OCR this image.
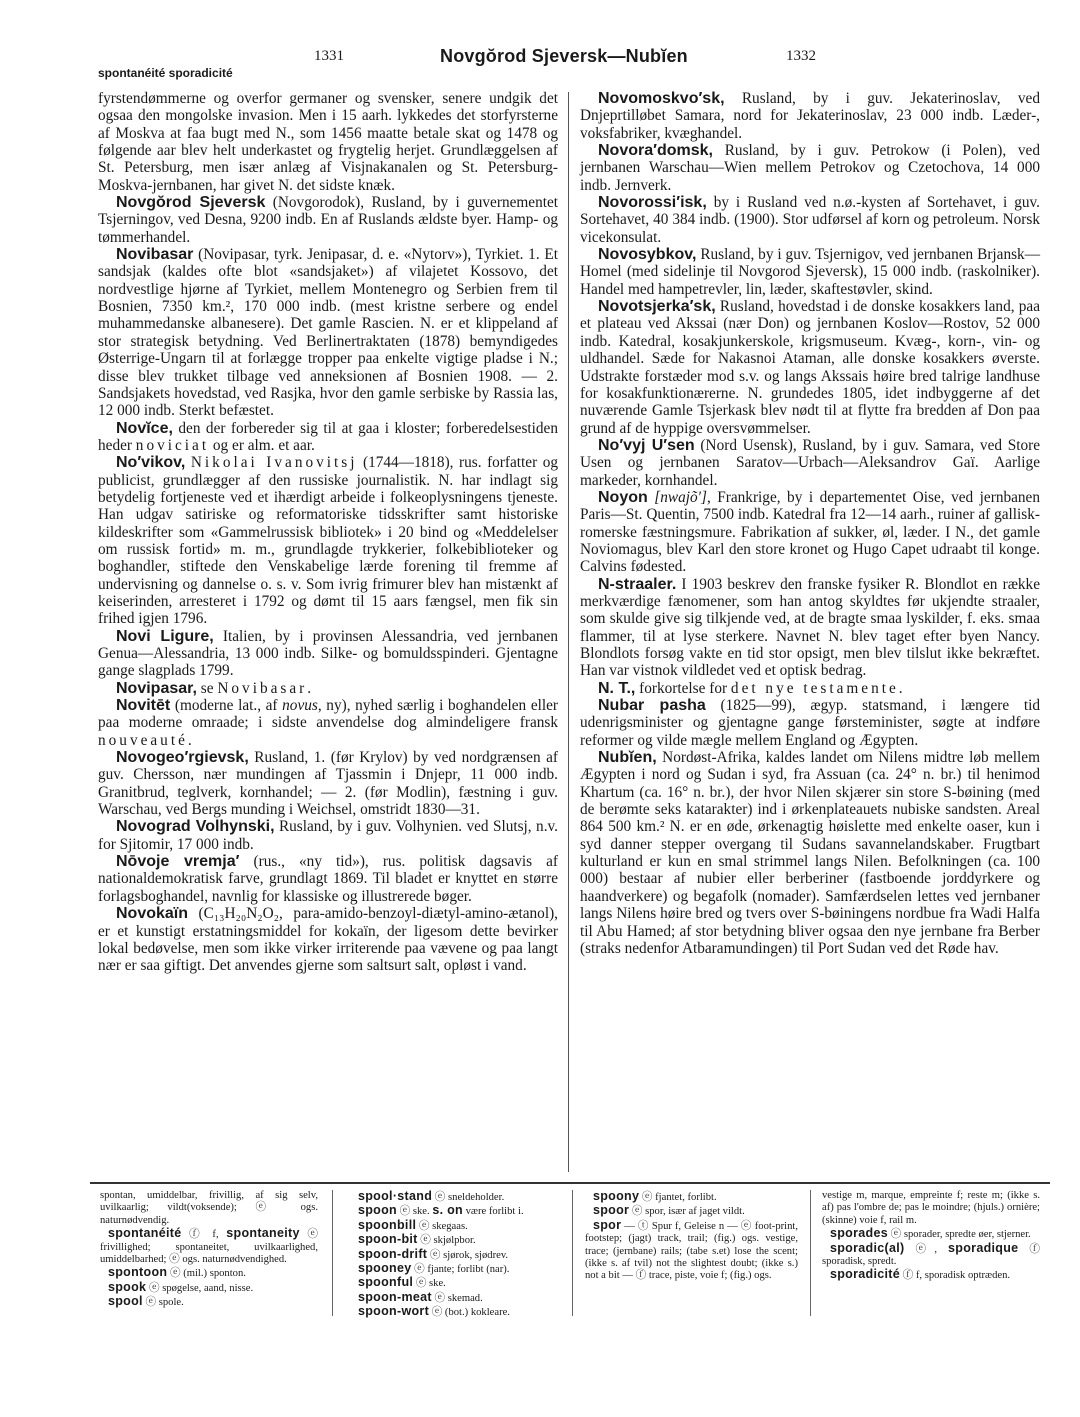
1331	Novgŏrod Sjeversk—Nubĭen	1332
spontanéité sporadicité

fyrstendømmerne og overfor germaner og svensker, senere undgik det ogsaa den mongolske invasion. Men i 15 aarh. lykkedes det storfyrsterne af Moskva at faa bugt med N., som 1456 maatte betale skat og 1478 og følgende aar blev helt underkastet og frygtelig herjet. Grundlæggelsen af St. Petersburg, men især anlæg af Visjnakanalen og St. Petersburg-Moskva-jernbanen, har givet N. det sidste knæk.

Novgŏrod Sjeversk (Novgorodok), Rusland, by i guvernementet Tsjerningov, ved Desna, 9200 indb. En af Ruslands ældste byer. Hamp- og tømmerhandel.

Novibasar (Novipasar, tyrk. Jenipasar, d. e. «Nytorv»), Tyrkiet. 1. Et sandsjak (kaldes ofte blot «sandsjaket») af vilajetet Kossovo, det nordvestlige hjørne af Tyrkiet, mellem Montenegro og Serbien frem til Bosnien, 7350 km.², 170 000 indb. (mest kristne serbere og endel muhammedanske albanesere). Det gamle Rascien. N. er et klippeland af stor strategisk betydning. Ved Berlinertraktaten (1878) bemyndigedes Østerrige-Ungarn til at forlægge tropper paa enkelte vigtige pladse i N.; disse blev trukket tilbage ved anneksionen af Bosnien 1908. — 2. Sandsjakets hovedstad, ved Rasjka, hvor den gamle serbiske by Rassia las, 12 000 indb. Sterkt befæstet.

Novĭce, den der forbereder sig til at gaa i kloster; forberedelsestiden heder noviciat og er alm. et aar.

No′vikov, Nikolai Ivanovitsj (1744—1818), rus. forfatter og publicist, grundlægger af den russiske journalistik. N. har indlagt sig betydelig fortjeneste ved et ihærdigt arbeide i folkeoplysningens tjeneste. Han udgav satiriske og reformatoriske tidsskrifter samt historiske kildeskrifter som «Gammelrussisk bibliotek» i 20 bind og «Meddelelser om russisk fortid» m. m., grundlagde trykkerier, folkebiblioteker og boghandler, stiftede den Venskabelige lærde forening til fremme af undervisning og dannelse o. s. v. Som ivrig frimurer blev han mistænkt af keiserinden, arresteret i 1792 og dømt til 15 aars fængsel, men fik sin frihed igjen 1796.

Novi Ligure, Italien, by i provinsen Alessandria, ved jernbanen Genua—Alessandria, 13 000 indb. Silke- og bomuldsspinderi. Gjentagne gange slagplads 1799.

Novipasar, se Novibasar.

Novitēt (moderne lat., af novus, ny), nyhed særlig i boghandelen eller paa moderne omraade; i sidste anvendelse dog almindeligere fransk nouveauté.

Novogeo′rgievsk, Rusland, 1. (før Krylov) by ved nordgrænsen af guv. Chersson, nær mundingen af Tjassmin i Dnjepr, 11 000 indb. Granitbrud, teglverk, kornhandel; — 2. (før Modlin), fæstning i guv. Warschau, ved Bergs munding i Weichsel, omstridt 1830—31.

Novograd Volhynski, Rusland, by i guv. Volhynien. ved Slutsj, n.v. for Sjitomir, 17 000 indb.

Nōvoje vremja′ (rus., «ny tid»), rus. politisk dagsavis af nationaldemokratisk farve, grundlagt 1869. Til bladet er knyttet en større forlagsboghandel, navnlig for klassiske og illustrerede bøger.

Novokaïn (C₁₃H₂₀N₂O₂, para-amido-benzoyl-diætyl-amino-ætanol), er et kunstigt erstatningsmiddel for kokaïn, der ligesom dette bevirker lokal bedøvelse, men som ikke virker irriterende paa vævene og paa langt nær er saa giftigt. Det anvendes gjerne som saltsurt salt, opløst i vand.

Novomoskvo′sk, Rusland, by i guv. Jekaterinoslav, ved Dnjeprtilløbet Samara, nord for Jekaterinoslav, 23 000 indb. Læder-, voksfabriker, kvæghandel.

Novora′domsk, Rusland, by i guv. Petrokow (i Polen), ved jernbanen Warschau—Wien mellem Petrokov og Czetochova, 14 000 indb. Jernverk.

Novorossi′isk, by i Rusland ved n.ø.-kysten af Sortehavet, i guv. Sortehavet, 40 384 indb. (1900). Stor udførsel af korn og petroleum. Norsk vicekonsulat.

Novosybkov, Rusland, by i guv. Tsjernigov, ved jernbanen Brjansk—Homel (med sidelinje til Novgorod Sjeversk), 15 000 indb. (raskolniker). Handel med hampetrevler, lin, læder, skaftestøvler, skind.

Novotsjerka′sk, Rusland, hovedstad i de donske kosakkers land, paa et plateau ved Akssai (nær Don) og jernbanen Koslov—Rostov, 52 000 indb. Katedral, kosakjunkerskole, krigsmuseum. Kvæg-, korn-, vin- og uldhandel. Sæde for Nakasnoi Ataman, alle donske kosakkers øverste. Udstrakte forstæder mod s.v. og langs Akssais høire bred talrige landhuse for kosakfunktionærerne. N. grundedes 1805, idet indbyggerne af det nuværende Gamle Tsjerkask blev nødt til at flytte fra bredden af Don paa grund af de hyppige oversvømmelser.

No′vyj U′sen (Nord Usensk), Rusland, by i guv. Samara, ved Store Usen og jernbanen Saratov—Urbach—Aleksandrov Gaï. Aarlige markeder, kornhandel.

Noyon [nwajõ′], Frankrige, by i departementet Oise, ved jernbanen Paris—St. Quentin, 7500 indb. Katedral fra 12—14 aarh., ruiner af gallisk-romerske fæstningsmure. Fabrikation af sukker, øl, læder. I N., det gamle Noviomagus, blev Karl den store kronet og Hugo Capet udraabt til konge. Calvins fødested.

N-straaler. I 1903 beskrev den franske fysiker R. Blondlot en række merkværdige fænomener, som han antog skyldtes før ukjendte straaler, som skulde give sig tilkjende ved, at de bragte smaa lyskilder, f. eks. smaa flammer, til at lyse sterkere. Navnet N. blev taget efter byen Nancy. Blondlots forsøg vakte en tid stor opsigt, men blev tilslut ikke bekræftet. Han var vistnok vildledet ved et optisk bedrag.

N. T., forkortelse for det nye testamente.

Nubar pasha (1825—99), ægyp. statsmand, i længere tid udenrigsminister og gjentagne gange førsteminister, søgte at indføre reformer og vilde mægle mellem England og Ægypten.

Nubĭen, Nordøst-Afrika, kaldes landet om Nilens midtre løb mellem Ægypten i nord og Sudan i syd, fra Assuan (ca. 24° n. br.) til henimod Khartum (ca. 16° n. br.), der hvor Nilen skjærer sin store S-bøining (med de berømte seks katarakter) ind i ørkenplateauets nubiske sandsten. Areal 864 500 km.² N. er en øde, ørkenagtig høislette med enkelte oaser, kun i syd danner stepper overgang til Sudans savannelandskaber. Frugtbart kulturland er kun en smal strimmel langs Nilen. Befolkningen (ca. 100 000) bestaar af nubier eller berberiner (fastboende jorddyrkere og haandverkere) og begafolk (nomader). Samfærdselen lettes ved jernbaner langs Nilens høire bred og tvers over S-bøiningens nordbue fra Wadi Halfa til Abu Hamed; af stor betydning bliver ogsaa den nye jernbane fra Berber (straks nedenfor Atbaramundingen) til Port Sudan ved det Røde hav.

spontan, umiddelbar, frivillig, af sig selv, uvilkaarlig; vildt(voksende); ⓔ ogs. naturnødvendig.

spontanéité ⓕ f, spontaneity ⓔ frivillighed; spontaneitet, uvilkaarlighed, umiddelbarhed; ⓔ ogs. naturnødvendighed.

spontoon ⓔ (mil.) sponton.

spook ⓔ spøgelse, aand, nisse.

spool ⓔ spole.

spool·stand ⓔ sneldeholder.

spoon ⓔ ske. s. on være forlibt i.

spoonbill ⓔ skegaas.

spoon-bit ⓔ skjølpbor.

spoon-drift ⓔ sjørok, sjødrev.

spooney ⓔ fjante; forlibt (nar).

spoonful ⓔ ske.

spoon-meat ⓔ skemad.

spoon-wort ⓔ (bot.) kokleare.

spoony ⓔ fjantet, forlibt.

spoor ⓔ spor, især af jaget vildt.

spor — ⓣ Spur f, Geleise n — ⓔ foot-print, footstep; (jagt) track, trail; (fig.) ogs. vestige, trace; (jernbane) rails; (tabe s.et) lose the scent; (ikke s. af tvil) not the slightest doubt; (ikke s.) not a bit — ⓕ trace, piste, voie f; (fig.) ogs.

vestige m, marque, empreinte f; reste m; (ikke s. af) pas l'ombre de; pas le moindre; (hjuls.) ornière; (skinne) voie f, rail m.

sporades ⓔ sporader, spredte øer, stjerner.

sporadic(al) ⓔ, sporadique ⓕ sporadisk, spredt.

sporadicité ⓕ f, sporadisk optræden.
